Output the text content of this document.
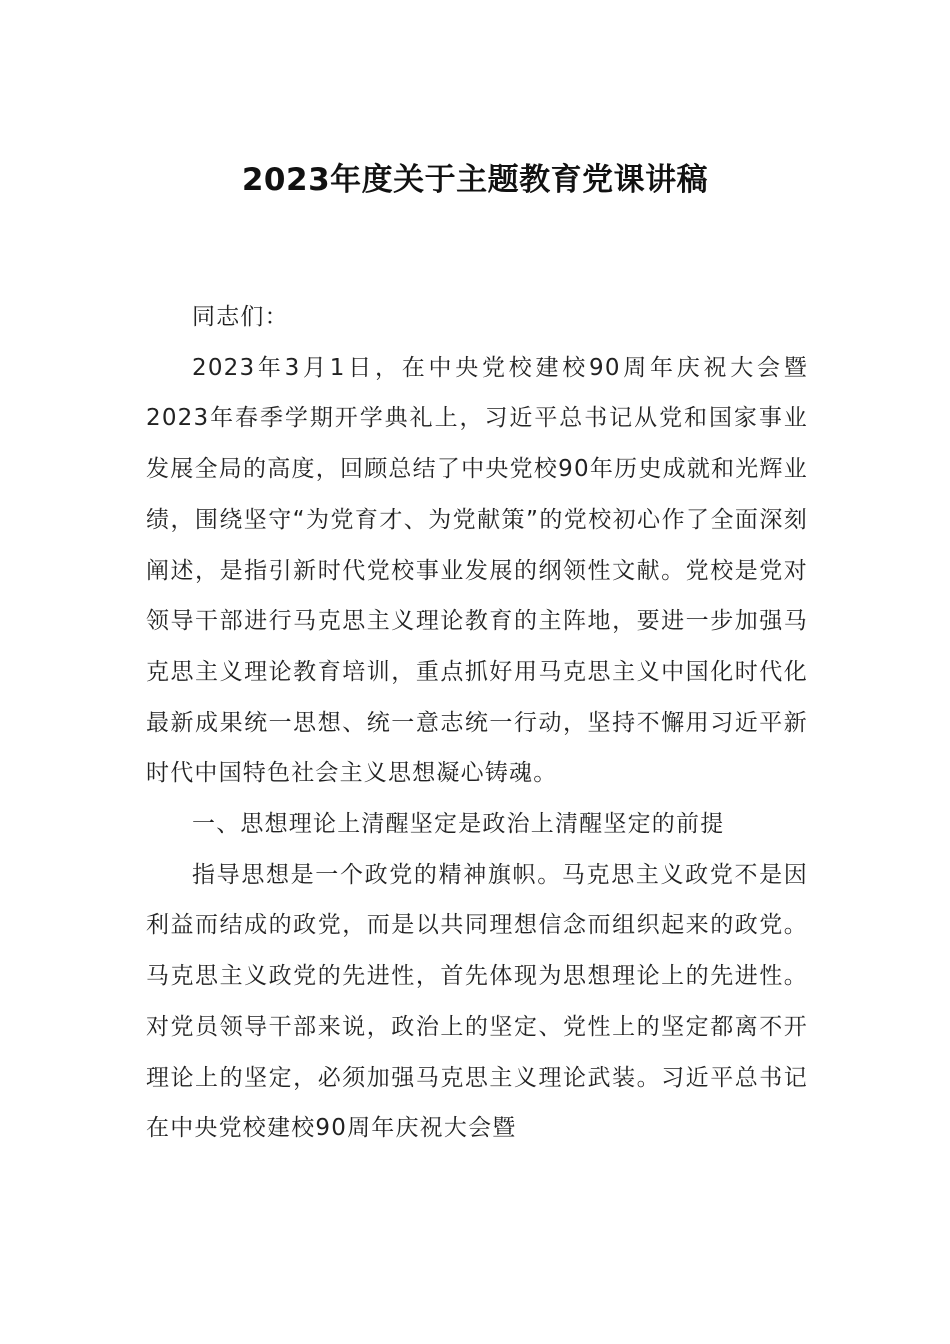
2023年度关于主题教育党课讲稿

同志们：

2023年3月1日，在中央党校建校90周年庆祝大会暨2023年春季学期开学典礼上，习近平总书记从党和国家事业发展全局的高度，回顾总结了中央党校90年历史成就和光辉业绩，围绕坚守“为党育才、为党献策”的党校初心作了全面深刻阐述，是指引新时代党校事业发展的纲领性文献。党校是党对领导干部进行马克思主义理论教育的主阵地，要进一步加强马克思主义理论教育培训，重点抓好用马克思主义中国化时代化最新成果统一思想、统一意志统一行动，坚持不懈用习近平新时代中国特色社会主义思想凝心铸魂。

一、思想理论上清醒坚定是政治上清醒坚定的前提

指导思想是一个政党的精神旗帜。马克思主义政党不是因利益而结成的政党，而是以共同理想信念而组织起来的政党。马克思主义政党的先进性，首先体现为思想理论上的先进性。对党员领导干部来说，政治上的坚定、党性上的坚定都离不开理论上的坚定，必须加强马克思主义理论武装。习近平总书记在中央党校建校90周年庆祝大会暨
